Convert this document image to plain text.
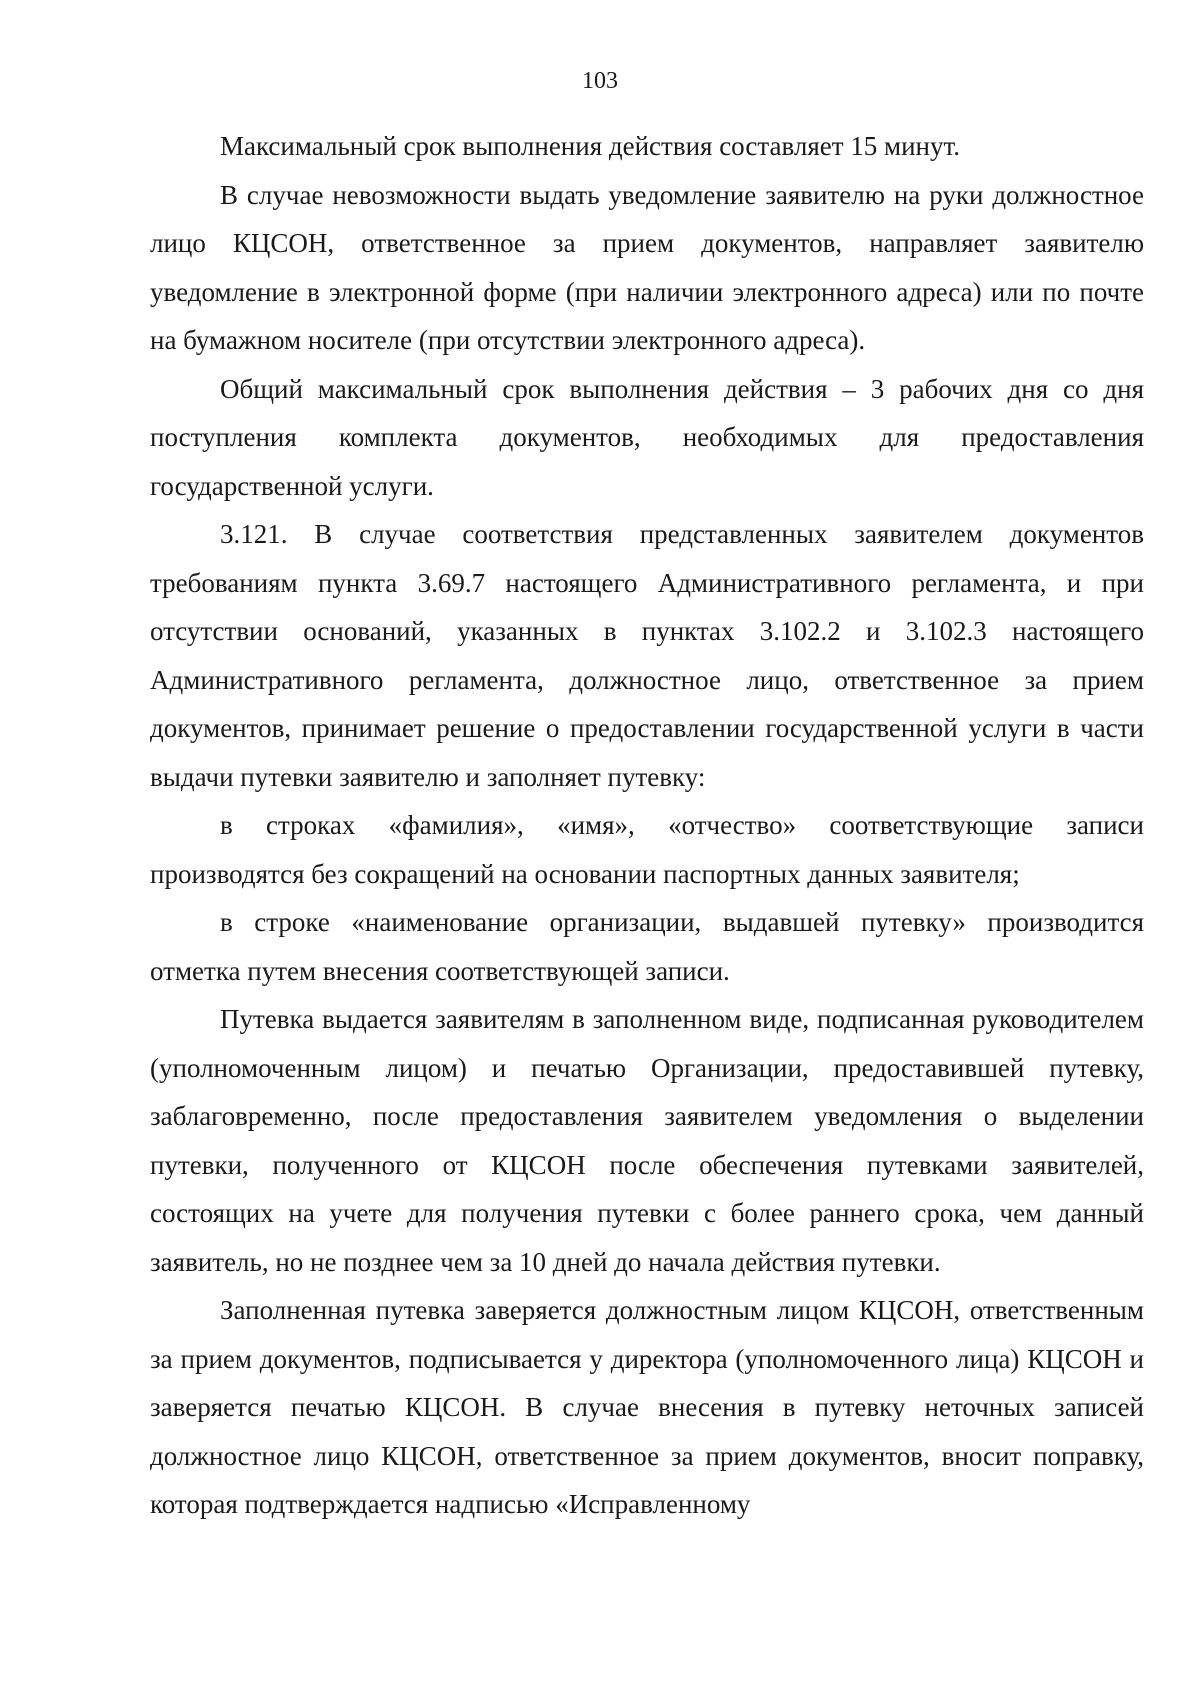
103

Максимальный срок выполнения действия составляет 15 минут.

В случае невозможности выдать уведомление заявителю на руки должностное лицо КЦСОН, ответственное за прием документов, направляет заявителю уведомление в электронной форме (при наличии электронного адреса) или по почте на бумажном носителе (при отсутствии электронного адреса).

Общий максимальный срок выполнения действия – 3 рабочих дня со дня поступления комплекта документов, необходимых для предоставления государственной услуги.

3.121. В случае соответствия представленных заявителем документов требованиям пункта 3.69.7 настоящего Административного регламента, и при отсутствии оснований, указанных в пунктах 3.102.2 и 3.102.3 настоящего Административного регламента, должностное лицо, ответственное за прием документов, принимает решение о предоставлении государственной услуги в части выдачи путевки заявителю и заполняет путевку:

в строках «фамилия», «имя», «отчество» соответствующие записи производятся без сокращений на основании паспортных данных заявителя;

в строке «наименование организации, выдавшей путевку» производится отметка путем внесения соответствующей записи.

Путевка выдается заявителям в заполненном виде, подписанная руководителем (уполномоченным лицом) и печатью Организации, предоставившей путевку, заблаговременно, после предоставления заявителем уведомления о выделении путевки, полученного от КЦСОН после обеспечения путевками заявителей, состоящих на учете для получения путевки с более раннего срока, чем данный заявитель, но не позднее чем за 10 дней до начала действия путевки.

Заполненная путевка заверяется должностным лицом КЦСОН, ответственным за прием документов, подписывается у директора (уполномоченного лица) КЦСОН и заверяется печатью КЦСОН. В случае внесения в путевку неточных записей должностное лицо КЦСОН, ответственное за прием документов, вносит поправку, которая подтверждается надписью «Исправленному
